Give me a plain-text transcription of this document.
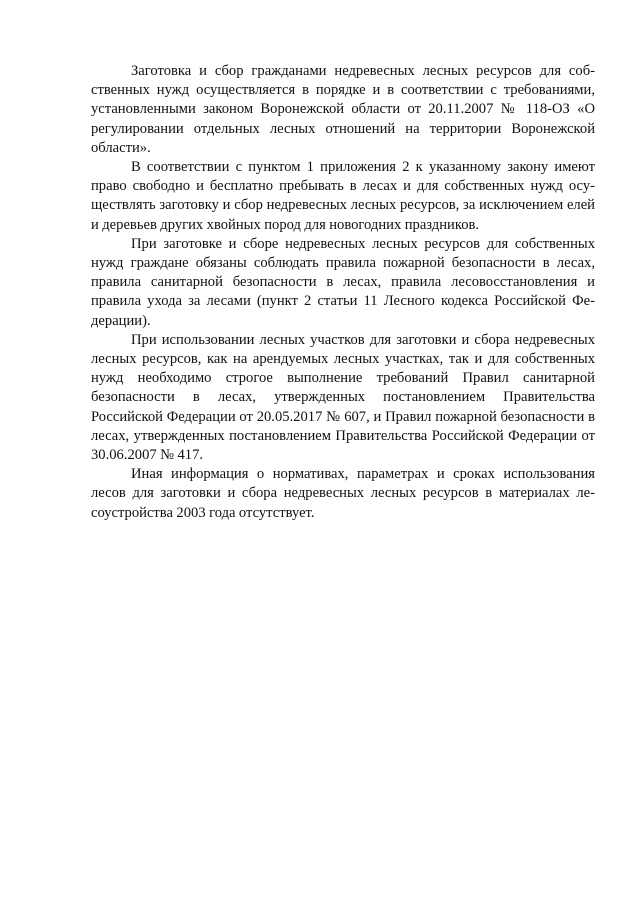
Заготовка и сбор гражданами недревесных лесных ресурсов для собственных нужд осуществляется в порядке и в соответствии с требованиями, установленными законом Воронежской области от 20.11.2007 № 118-ОЗ «О регулировании отдельных лесных отношений на территории Воронежской области».

В соответствии с пунктом 1 приложения 2 к указанному закону имеют право свободно и бесплатно пребывать в лесах и для собственных нужд осуществлять заготовку и сбор недревесных лесных ресурсов, за исключением елей и деревьев других хвойных пород для новогодних праздников.

При заготовке и сборе недревесных лесных ресурсов для собственных нужд граждане обязаны соблюдать правила пожарной безопасности в лесах, правила санитарной безопасности в лесах, правила лесовосстановления и правила ухода за лесами (пункт 2 статьи 11 Лесного кодекса Российской Федерации).

При использовании лесных участков для заготовки и сбора недревесных лесных ресурсов, как на арендуемых лесных участках, так и для собственных нужд необходимо строгое выполнение требований Правил санитарной безопасности в лесах, утвержденных постановлением Правительства Российской Федерации от 20.05.2017 № 607, и Правил пожарной безопасности в лесах, утвержденных постановлением Правительства Российской Федерации от 30.06.2007 № 417.

Иная информация о нормативах, параметрах и сроках использования лесов для заготовки и сбора недревесных лесных ресурсов в материалах лесоустройства 2003 года отсутствует.
